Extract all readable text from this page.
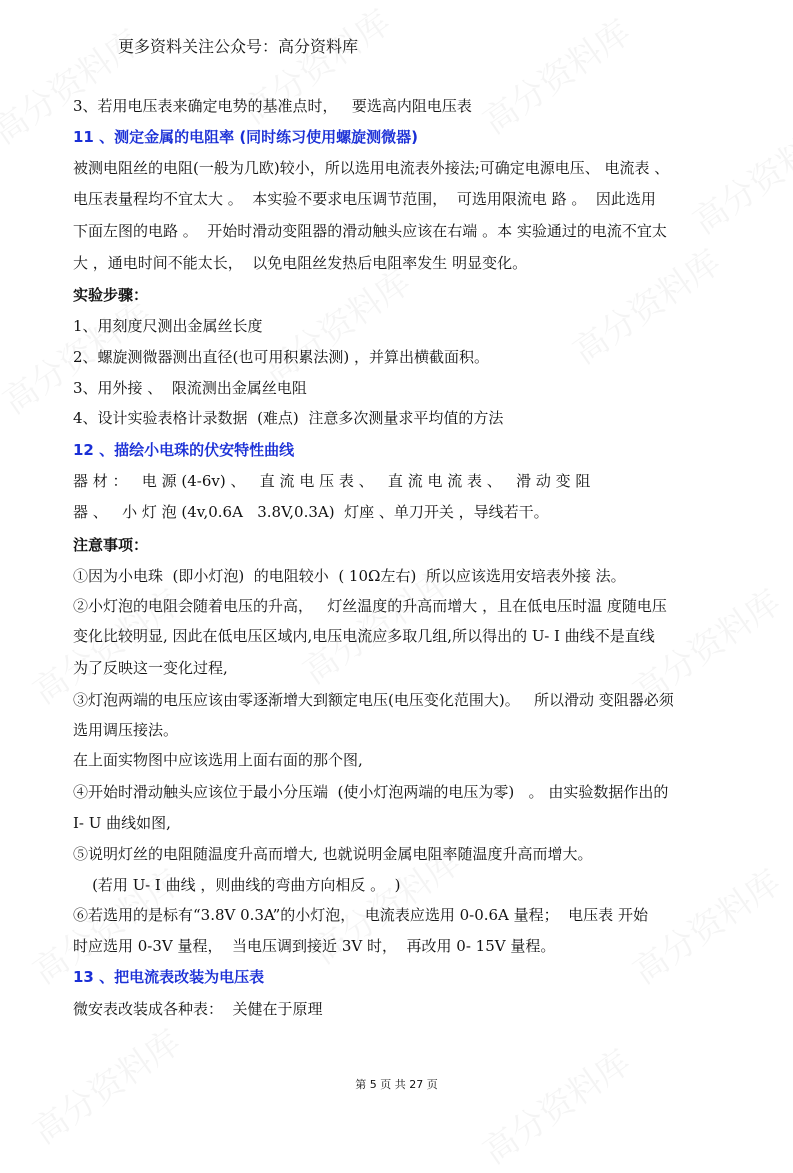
更多资料关注公众号：高分资料库
3、若用电压表来确定电势的基准点时，   要选高内阻电压表
11 、测定金属的电阻率 (同时练习使用螺旋测微器)
被测电阻丝的电阻(一般为几欧)较小，所以选用电流表外接法;可确定电源电压、 电流表 、
电压表量程均不宜太大 。  本实验不要求电压调节范围，  可选用限流电 路 。  因此选用
下面左图的电路 。  开始时滑动变阻器的滑动触头应该在右端 。本 实验通过的电流不宜太
大 ，通电时间不能太长，  以免电阻丝发热后电阻率发生 明显变化。
实验步骤：
1、用刻度尺测出金属丝长度
2、螺旋测微器测出直径(也可用积累法测) ，并算出横截面积。
3、用外接 、  限流测出金属丝电阻
4、设计实验表格计录数据  (难点)  注意多次测量求平均值的方法
12 、描绘小电珠的伏安特性曲线
器 材 ：   电 源 (4-6v) 、   直 流 电 压 表 、   直 流 电 流 表 、   滑 动 变 阻
器 、   小 灯 泡 (4v,0.6A   3.8V,0.3A)  灯座 、单刀开关 ，导线若干。
注意事项：
①因为小电珠  (即小灯泡)  的电阻较小  ( 10Ω左右)  所以应该选用安培表外接 法。
②小灯泡的电阻会随着电压的升高，   灯丝温度的升高而增大 ，且在低电压时温 度随电压
变化比较明显, 因此在低电压区域内,电压电流应多取几组,所以得出的 U- I 曲线不是直线
为了反映这一变化过程,
③灯泡两端的电压应该由零逐渐增大到额定电压(电压变化范围大)。   所以滑动 变阻器必须
选用调压接法。
在上面实物图中应该选用上面右面的那个图,
④开始时滑动触头应该位于最小分压端  (使小灯泡两端的电压为零)   。 由实验数据作出的
I- U 曲线如图,
⑤说明灯丝的电阻随温度升高而增大, 也就说明金属电阻率随温度升高而增大。
(若用 U- I 曲线 ，则曲线的弯曲方向相反 。  )
⑥若选用的是标有“3.8V 0.3A”的小灯泡，  电流表应选用 0-0.6A 量程；  电压表 开始
时应选用 0-3V 量程，  当电压调到接近 3V 时，  再改用 0- 15V 量程。
13 、把电流表改装为电压表
微安表改装成各种表：  关健在于原理
第 5 页 共 27 页
